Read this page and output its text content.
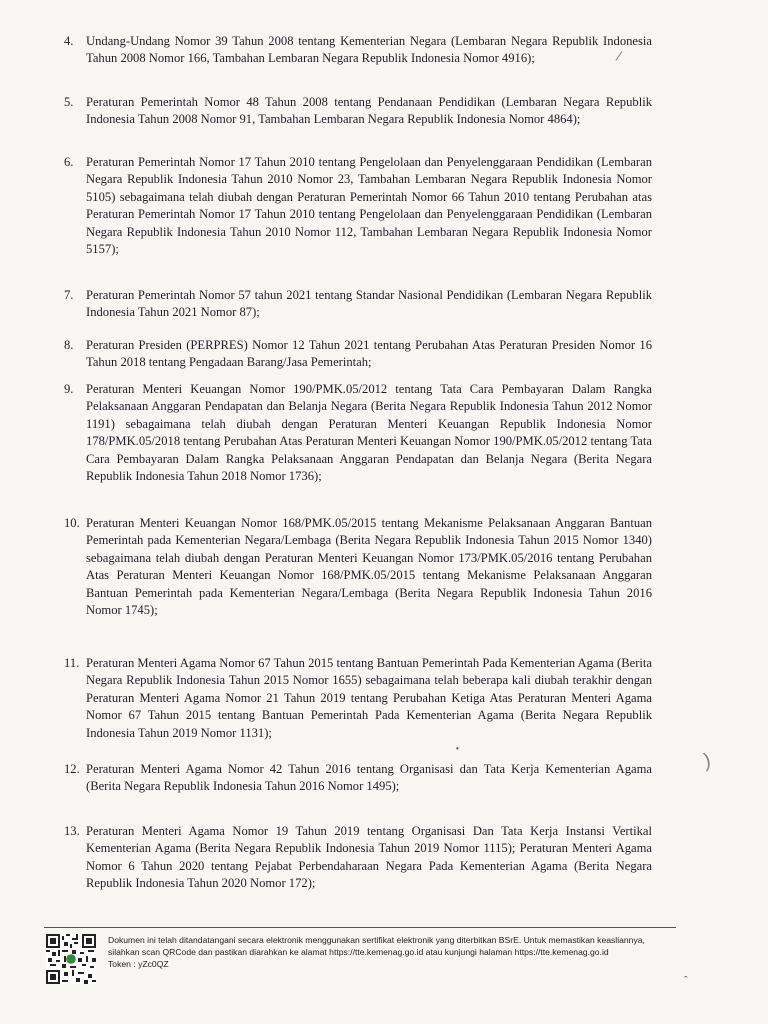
4. Undang-Undang Nomor 39 Tahun 2008 tentang Kementerian Negara (Lembaran Negara Republik Indonesia Tahun 2008 Nomor 166, Tambahan Lembaran Negara Republik Indonesia Nomor 4916);
5. Peraturan Pemerintah Nomor 48 Tahun 2008 tentang Pendanaan Pendidikan (Lembaran Negara Republik Indonesia Tahun 2008 Nomor 91, Tambahan Lembaran Negara Republik Indonesia Nomor 4864);
6. Peraturan Pemerintah Nomor 17 Tahun 2010 tentang Pengelolaan dan Penyelenggaraan Pendidikan (Lembaran Negara Republik Indonesia Tahun 2010 Nomor 23, Tambahan Lembaran Negara Republik Indonesia Nomor 5105) sebagaimana telah diubah dengan Peraturan Pemerintah Nomor 66 Tahun 2010 tentang Perubahan atas Peraturan Pemerintah Nomor 17 Tahun 2010 tentang Pengelolaan dan Penyelenggaraan Pendidikan (Lembaran Negara Republik Indonesia Tahun 2010 Nomor 112, Tambahan Lembaran Negara Republik Indonesia Nomor 5157);
7. Peraturan Pemerintah Nomor 57 tahun 2021 tentang Standar Nasional Pendidikan (Lembaran Negara Republik Indonesia Tahun 2021 Nomor 87);
8. Peraturan Presiden (PERPRES) Nomor 12 Tahun 2021 tentang Perubahan Atas Peraturan Presiden Nomor 16 Tahun 2018 tentang Pengadaan Barang/Jasa Pemerintah;
9. Peraturan Menteri Keuangan Nomor 190/PMK.05/2012 tentang Tata Cara Pembayaran Dalam Rangka Pelaksanaan Anggaran Pendapatan dan Belanja Negara (Berita Negara Republik Indonesia Tahun 2012 Nomor 1191) sebagaimana telah diubah dengan Peraturan Menteri Keuangan Republik Indonesia Nomor 178/PMK.05/2018 tentang Perubahan Atas Peraturan Menteri Keuangan Nomor 190/PMK.05/2012 tentang Tata Cara Pembayaran Dalam Rangka Pelaksanaan Anggaran Pendapatan dan Belanja Negara (Berita Negara Republik Indonesia Tahun 2018 Nomor 1736);
10. Peraturan Menteri Keuangan Nomor 168/PMK.05/2015 tentang Mekanisme Pelaksanaan Anggaran Bantuan Pemerintah pada Kementerian Negara/Lembaga (Berita Negara Republik Indonesia Tahun 2015 Nomor 1340) sebagaimana telah diubah dengan Peraturan Menteri Keuangan Nomor 173/PMK.05/2016 tentang Perubahan Atas Peraturan Menteri Keuangan Nomor 168/PMK.05/2015 tentang Mekanisme Pelaksanaan Anggaran Bantuan Pemerintah pada Kementerian Negara/Lembaga (Berita Negara Republik Indonesia Tahun 2016 Nomor 1745);
11. Peraturan Menteri Agama Nomor 67 Tahun 2015 tentang Bantuan Pemerintah Pada Kementerian Agama (Berita Negara Republik Indonesia Tahun 2015 Nomor 1655) sebagaimana telah beberapa kali diubah terakhir dengan Peraturan Menteri Agama Nomor 21 Tahun 2019 tentang Perubahan Ketiga Atas Peraturan Menteri Agama Nomor 67 Tahun 2015 tentang Bantuan Pemerintah Pada Kementerian Agama (Berita Negara Republik Indonesia Tahun 2019 Nomor 1131);
12. Peraturan Menteri Agama Nomor 42 Tahun 2016 tentang Organisasi dan Tata Kerja Kementerian Agama (Berita Negara Republik Indonesia Tahun 2016 Nomor 1495);
13. Peraturan Menteri Agama Nomor 19 Tahun 2019 tentang Organisasi Dan Tata Kerja Instansi Vertikal Kementerian Agama (Berita Negara Republik Indonesia Tahun 2019 Nomor 1115); Peraturan Menteri Agama Nomor 6 Tahun 2020 tentang Pejabat Perbendaharaan Negara Pada Kementerian Agama (Berita Negara Republik Indonesia Tahun 2020 Nomor 172);
/
)
•
Dokumen ini telah ditandatangani secara elektronik menggunakan sertifikat elektronik yang diterbitkan BSrE. Untuk memastikan keasliannya, silahkan scan QRCode dan pastikan diarahkan ke alamat https://tte.kemenag.go.id atau kunjungi halaman https://tte.kemenag.go.id
Token : yZc0QZ
ˆ
